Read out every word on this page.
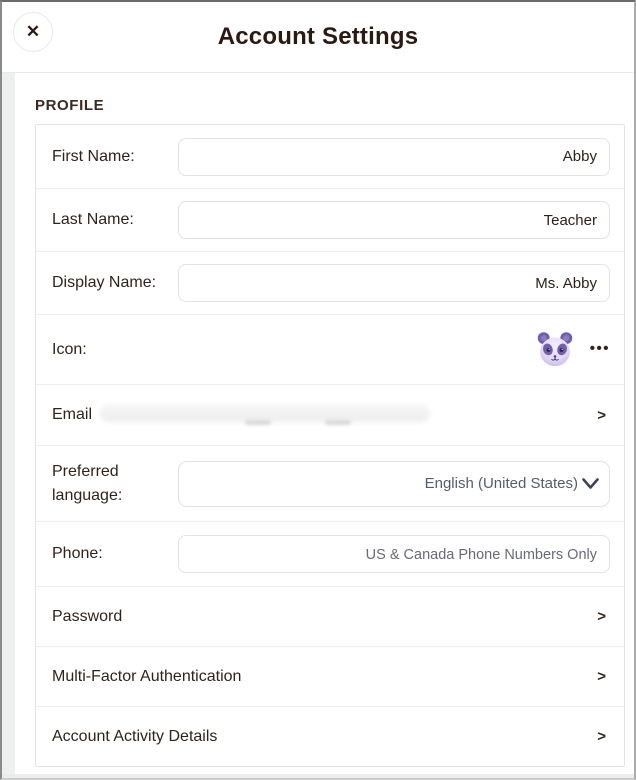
✕	Account Settings
PROFILE
First Name:
Abby
Last Name:
Teacher
Display Name:
Ms. Abby
Icon:	•••
Email	>
Preferred language:
English (United States)
Phone:
US & Canada Phone Numbers Only
Password	>
Multi-Factor Authentication	>
Account Activity Details	>
